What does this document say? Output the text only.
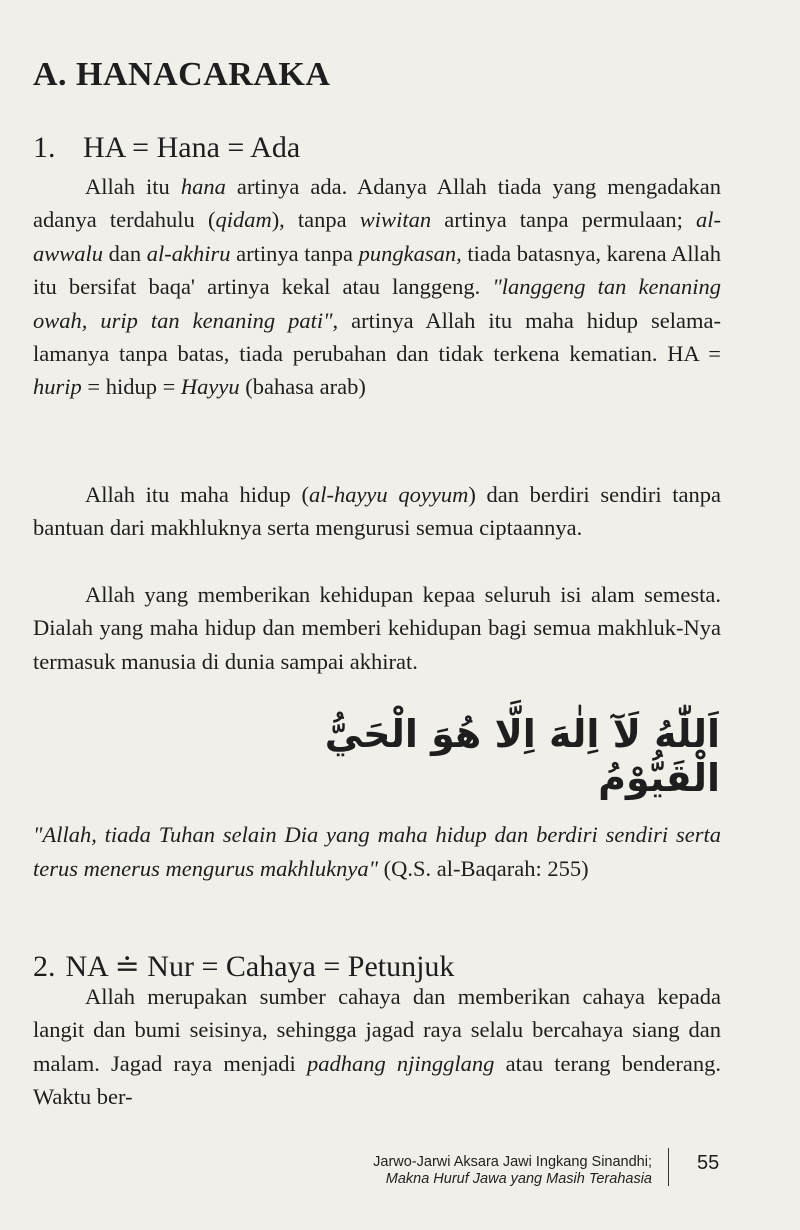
A. HANACARAKA
1. HA = Hana = Ada

Allah itu hana artinya ada. Adanya Allah tiada yang mengadakan adanya terdahulu (qidam), tanpa wiwitan artinya tanpa permulaan; al-awwalu dan al-akhiru artinya tanpa pungkasan, tiada batasnya, karena Allah itu bersifat baqa' artinya kekal atau langgeng. "langgeng tan kenaning owah, urip tan kenaning pati", artinya Allah itu maha hidup selama-lamanya tanpa batas, tiada perubahan dan tidak terkena kematian. HA = hurip = hidup = Hayyu (bahasa arab)

Allah itu maha hidup (al-hayyu qoyyum) dan berdiri sendiri tanpa bantuan dari makhluknya serta mengurusi semua ciptaannya.

Allah yang memberikan kehidupan kepaa seluruh isi alam semesta. Dialah yang maha hidup dan memberi kehidupan bagi semua makhluk-Nya termasuk manusia di dunia sampai akhirat.

اَللّٰهُ لَآ اِلٰهَ اِلَّا هُوَ الْحَيُّ الْقَيُّوْمُ

"Allah, tiada Tuhan selain Dia yang maha hidup dan berdiri sendiri serta terus menerus mengurus makhluknya" (Q.S. al-Baqarah: 255)

2. NA ≐ Nur = Cahaya = Petunjuk

Allah merupakan sumber cahaya dan memberikan cahaya kepada langit dan bumi seisinya, sehingga jagad raya selalu bercahaya siang dan malam. Jagad raya menjadi padhang njingglang atau terang benderang. Waktu ber-

Jarwo-Jarwi Aksara Jawi Ingkang Sinandhi;
Makna Huruf Jawa yang Masih Terahasia
55
